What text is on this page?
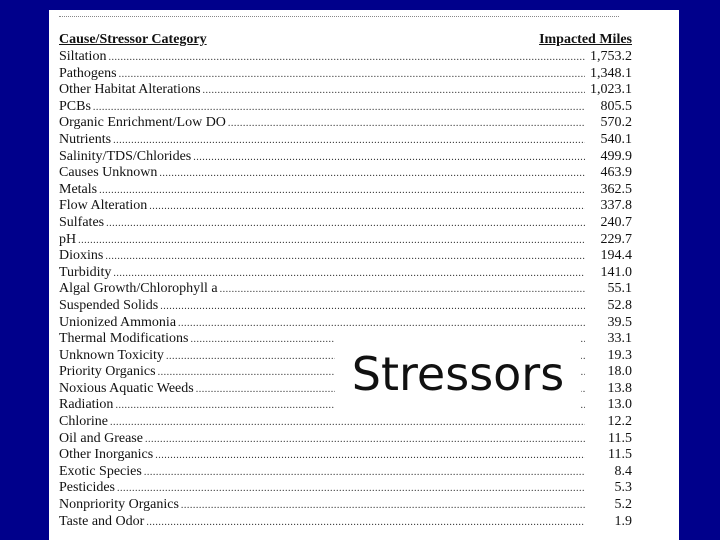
Cause/Stressor Category	Impacted Miles
Siltation . . .	1,753.2
Pathogens . . .	1,348.1
Other Habitat Alterations . . .	1,023.1
PCBs . . .	805.5
Organic Enrichment/Low DO . . .	570.2
Nutrients . . .	540.1
Salinity/TDS/Chlorides . . .	499.9
Causes Unknown . . .	463.9
Metals . . .	362.5
Flow Alteration . . .	337.8
Sulfates . . .	240.7
pH . . .	229.7
Dioxins . . .	194.4
Turbidity . . .	141.0
Algal Growth/Chlorophyll a . . .	55.1
Suspended Solids . . .	52.8
Unionized Ammonia . . .	39.5
Thermal Modifications . . .	33.1
Unknown Toxicity . . .	19.3
Priority Organics . . .	18.0
Noxious Aquatic Weeds . . .	13.8
Radiation . . .	13.0
Chlorine . . .	12.2
Oil and Grease . . .	11.5
Other Inorganics . . .	11.5
Exotic Species . . .	8.4
Pesticides . . .	5.3
Nonpriority Organics . . .	5.2
Taste and Odor . . .	1.9
Stressors
